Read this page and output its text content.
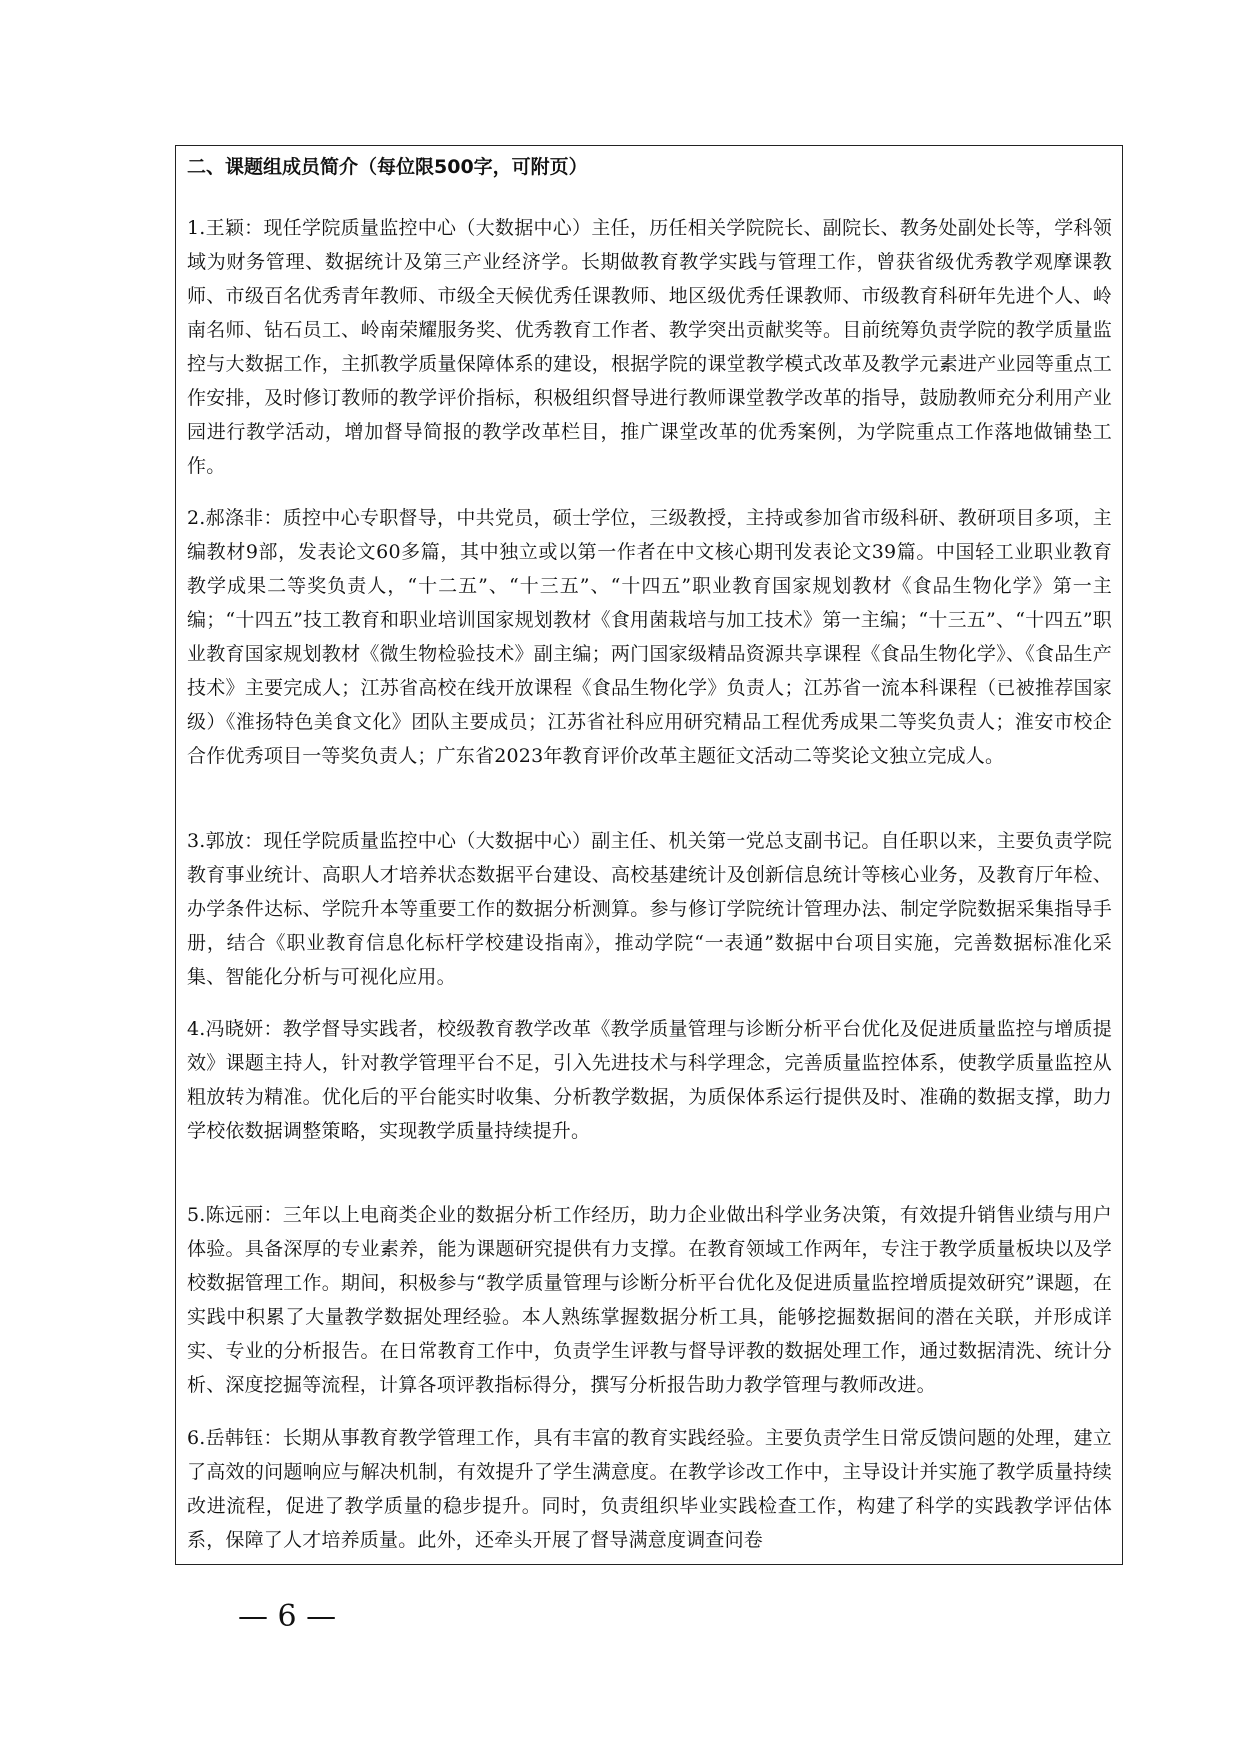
二、课题组成员简介（每位限500字，可附页）

1.王颖：现任学院质量监控中心（大数据中心）主任，历任相关学院院长、副院长、教务处副处长等，学科领域为财务管理、数据统计及第三产业经济学。长期做教育教学实践与管理工作，曾获省级优秀教学观摩课教师、市级百名优秀青年教师、市级全天候优秀任课教师、地区级优秀任课教师、市级教育科研年先进个人、岭南名师、钻石员工、岭南荣耀服务奖、优秀教育工作者、教学突出贡献奖等。目前统筹负责学院的教学质量监控与大数据工作，主抓教学质量保障体系的建设，根据学院的课堂教学模式改革及教学元素进产业园等重点工作安排，及时修订教师的教学评价指标，积极组织督导进行教师课堂教学改革的指导，鼓励教师充分利用产业园进行教学活动，增加督导简报的教学改革栏目，推广课堂改革的优秀案例，为学院重点工作落地做铺垫工作。

2.郝涤非：质控中心专职督导，中共党员，硕士学位，三级教授，主持或参加省市级科研、教研项目多项，主编教材9部，发表论文60多篇，其中独立或以第一作者在中文核心期刊发表论文39篇。中国轻工业职业教育教学成果二等奖负责人，“十二五”、“十三五”、“十四五”职业教育国家规划教材《食品生物化学》第一主编；“十四五”技工教育和职业培训国家规划教材《食用菌栽培与加工技术》第一主编；“十三五”、“十四五”职业教育国家规划教材《微生物检验技术》副主编；两门国家级精品资源共享课程《食品生物化学》、《食品生产技术》主要完成人；江苏省高校在线开放课程《食品生物化学》负责人；江苏省一流本科课程（已被推荐国家级）《淮扬特色美食文化》团队主要成员；江苏省社科应用研究精品工程优秀成果二等奖负责人；淮安市校企合作优秀项目一等奖负责人；广东省2023年教育评价改革主题征文活动二等奖论文独立完成人。

3.郭放：现任学院质量监控中心（大数据中心）副主任、机关第一党总支副书记。自任职以来，主要负责学院教育事业统计、高职人才培养状态数据平台建设、高校基建统计及创新信息统计等核心业务，及教育厅年检、办学条件达标、学院升本等重要工作的数据分析测算。参与修订学院统计管理办法、制定学院数据采集指导手册，结合《职业教育信息化标杆学校建设指南》，推动学院“一表通”数据中台项目实施，完善数据标准化采集、智能化分析与可视化应用。

4.冯晓妍：教学督导实践者，校级教育教学改革《教学质量管理与诊断分析平台优化及促进质量监控与增质提效》课题主持人，针对教学管理平台不足，引入先进技术与科学理念，完善质量监控体系，使教学质量监控从粗放转为精准。优化后的平台能实时收集、分析教学数据，为质保体系运行提供及时、准确的数据支撑，助力学校依数据调整策略，实现教学质量持续提升。

5.陈远丽：三年以上电商类企业的数据分析工作经历，助力企业做出科学业务决策，有效提升销售业绩与用户体验。具备深厚的专业素养，能为课题研究提供有力支撑。在教育领域工作两年，专注于教学质量板块以及学校数据管理工作。期间，积极参与“教学质量管理与诊断分析平台优化及促进质量监控增质提效研究”课题，在实践中积累了大量教学数据处理经验。本人熟练掌握数据分析工具，能够挖掘数据间的潜在关联，并形成详实、专业的分析报告。在日常教育工作中，负责学生评教与督导评教的数据处理工作，通过数据清洗、统计分析、深度挖掘等流程，计算各项评教指标得分，撰写分析报告助力教学管理与教师改进。

6.岳韩钰：长期从事教育教学管理工作，具有丰富的教育实践经验。主要负责学生日常反馈问题的处理，建立了高效的问题响应与解决机制，有效提升了学生满意度。在教学诊改工作中，主导设计并实施了教学质量持续改进流程，促进了教学质量的稳步提升。同时，负责组织毕业实践检查工作，构建了科学的实践教学评估体系，保障了人才培养质量。此外，还牵头开展了督导满意度调查问卷

— 6 —
